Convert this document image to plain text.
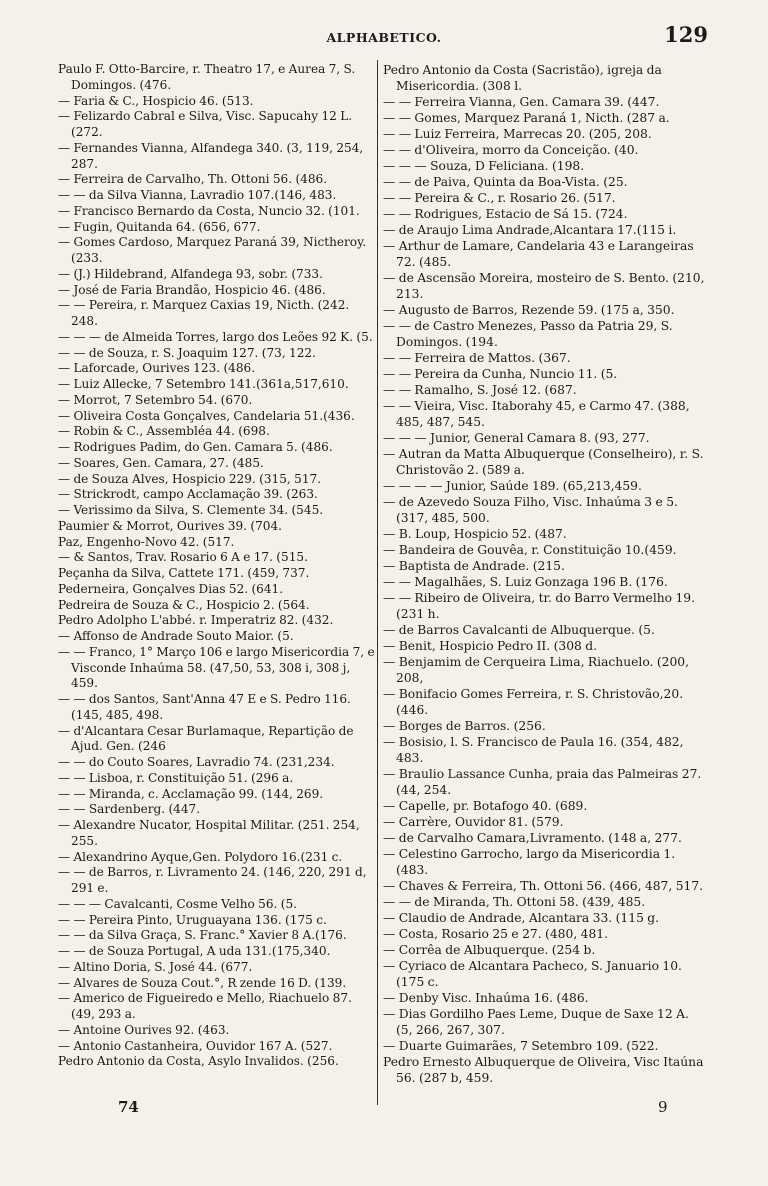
ALPHABETICO.	129
Paulo F. Otto-Barcire, r. Theatro 17, e Aurea 7, S. Domingos. (476.
— Faria & C., Hospicio 46. (513.
— Felizardo Cabral e Silva, Visc. Sapucahy 12 L. (272.
— Fernandes Vianna, Alfandega 340. (3, 119, 254, 287.
— Ferreira de Carvalho, Th. Ottoni 56. (486.
— — da Silva Vianna, Lavradio 107.(146, 483.
— Francisco Bernardo da Costa, Nuncio 32. (101.
— Fugin, Quitanda 64. (656, 677.
— Gomes Cardoso, Marquez Paraná 39, Nictheroy. (233.
— (J.) Hildebrand, Alfandega 93, sobr. (733.
— José de Faria Brandão, Hospicio 46. (486.
— — Pereira, r. Marquez Caxias 19, Nicth. (242. 248.
— — — de Almeida Torres, largo dos Leões 92 K. (5.
— — de Souza, r. S. Joaquim 127. (73, 122.
— Laforcade, Ourives 123. (486.
— Luiz Allecke, 7 Setembro 141.(361a,517,610.
— Morrot, 7 Setembro 54. (670.
— Oliveira Costa Gonçalves, Candelaria 51.(436.
— Robin & C., Assembléa 44. (698.
— Rodrigues Padim, do Gen. Camara 5. (486.
— Soares, Gen. Camara, 27. (485.
— de Souza Alves, Hospicio 229. (315, 517.
— Strickrodt, campo Acclamação 39. (263.
— Verissimo da Silva, S. Clemente 34. (545.
Paumier & Morrot, Ourives 39. (704.
Paz, Engenho-Novo 42. (517.
— & Santos, Trav. Rosario 6 A e 17. (515.
Peçanha da Silva, Cattete 171. (459, 737.
Pederneira, Gonçalves Dias 52. (641.
Pedreira de Souza & C., Hospicio 2. (564.
Pedro Adolpho L'abbé. r. Imperatriz 82. (432.
— Affonso de Andrade Souto Maior. (5.
— — Franco, 1° Março 106 e largo Misericordia 7, e Visconde Inhaúma 58. (47,50, 53, 308 i, 308 j, 459.
— — dos Santos, Sant'Anna 47 E e S. Pedro 116. (145, 485, 498.
— d'Alcantara Cesar Burlamaque, Repartição de Ajud. Gen. (246
— — do Couto Soares, Lavradio 74. (231,234.
— — Lisboa, r. Constituição 51. (296 a.
— — Miranda, c. Acclamação 99. (144, 269.
— — Sardenberg. (447.
— Alexandre Nucator, Hospital Militar. (251. 254, 255.
— Alexandrino Ayque,Gen. Polydoro 16.(231 c.
— — de Barros, r. Livramento 24. (146, 220, 291 d, 291 e.
— — — Cavalcanti, Cosme Velho 56. (5.
— — Pereira Pinto, Uruguayana 136. (175 c.
— — da Silva Graça, S. Franc.° Xavier 8 A.(176.
— — de Souza Portugal, A uda 131.(175,340.
— Altino Doria, S. José 44. (677.
— Alvares de Souza Cout.°, R zende 16 D. (139.
— Americo de Figueiredo e Mello, Riachuelo 87. (49, 293 a.
— Antoine Ourives 92. (463.
— Antonio Castanheira, Ouvidor 167 A. (527.
Pedro Antonio da Costa, Asylo Invalidos. (256.
Pedro Antonio da Costa (Sacristão), igreja da Misericordia. (308 l.
— — Ferreira Vianna, Gen. Camara 39. (447.
— — Gomes, Marquez Paraná 1, Nicth. (287 a.
— — Luiz Ferreira, Marrecas 20. (205, 208.
— — d'Oliveira, morro da Conceição. (40.
— — — Souza, D Feliciana. (198.
— — de Paiva, Quinta da Boa-Vista. (25.
— — Pereira & C., r. Rosario 26. (517.
— — Rodrigues, Estacio de Sá 15. (724.
— de Araujo Lima Andrade,Alcantara 17.(115 i.
— Arthur de Lamare, Candelaria 43 e Larangeiras 72. (485.
— de Ascensão Moreira, mosteiro de S. Bento. (210, 213.
— Augusto de Barros, Rezende 59. (175 a, 350.
— — de Castro Menezes, Passo da Patria 29, S. Domingos. (194.
— — Ferreira de Mattos. (367.
— — Pereira da Cunha, Nuncio 11. (5.
— — Ramalho, S. José 12. (687.
— — Vieira, Visc. Itaborahy 45, e Carmo 47. (388, 485, 487, 545.
— — — Junior, General Camara 8. (93, 277.
— Autran da Matta Albuquerque (Conselheiro), r. S. Christovão 2. (589 a.
— — — — Junior, Saúde 189. (65,213,459.
— de Azevedo Souza Filho, Visc. Inhaúma 3 e 5. (317, 485, 500.
— B. Loup, Hospicio 52. (487.
— Bandeira de Gouvêa, r. Constituição 10.(459.
— Baptista de Andrade. (215.
— — Magalhães, S. Luiz Gonzaga 196 B. (176.
— — Ribeiro de Oliveira, tr. do Barro Vermelho 19. (231 h.
— de Barros Cavalcanti de Albuquerque. (5.
— Benit, Hospicio Pedro II. (308 d.
— Benjamim de Cerqueira Lima, Riachuelo. (200, 208,
— Bonifacio Gomes Ferreira, r. S. Christovão,20. (446.
— Borges de Barros. (256.
— Bosisio, l. S. Francisco de Paula 16. (354, 482, 483.
— Braulio Lassance Cunha, praia das Palmeiras 27. (44, 254.
— Capelle, pr. Botafogo 40. (689.
— Carrère, Ouvidor 81. (579.
— de Carvalho Camara,Livramento. (148 a, 277.
— Celestino Garrocho, largo da Misericordia 1. (483.
— Chaves & Ferreira, Th. Ottoni 56. (466, 487, 517.
— — de Miranda, Th. Ottoni 58. (439, 485.
— Claudio de Andrade, Alcantara 33. (115 g.
— Costa, Rosario 25 e 27. (480, 481.
— Corrêa de Albuquerque. (254 b.
— Cyriaco de Alcantara Pacheco, S. Januario 10. (175 c.
— Denby Visc. Inhaúma 16. (486.
— Dias Gordilho Paes Leme, Duque de Saxe 12 A. (5, 266, 267, 307.
— Duarte Guimarães, 7 Setembro 109. (522.
Pedro Ernesto Albuquerque de Oliveira, Visc Itaúna 56. (287 b, 459.
74	9
